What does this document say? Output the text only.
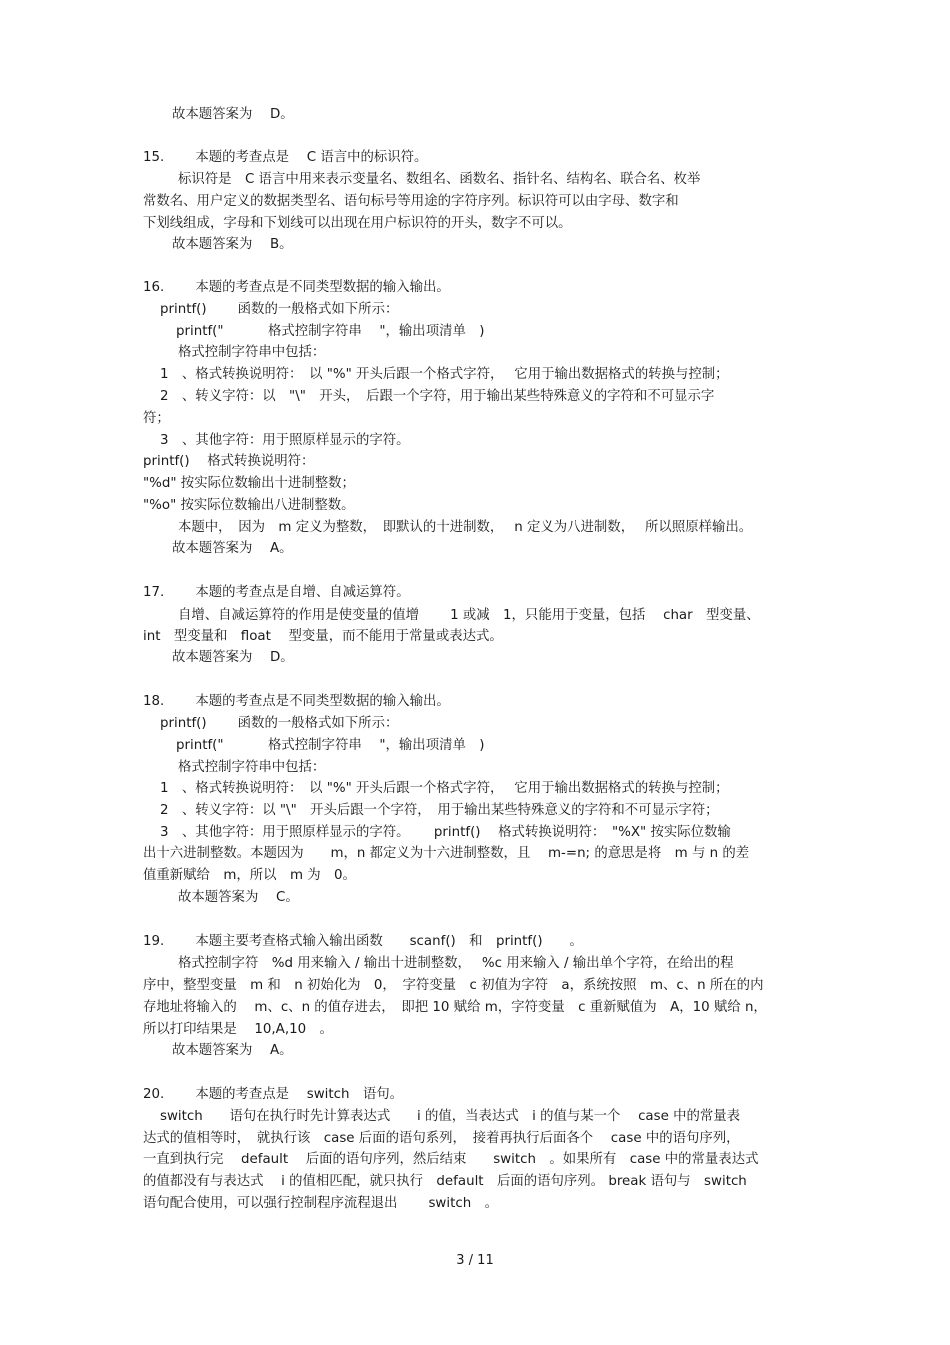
故本题答案为　 D。
15.　　 本题的考查点是　 C 语言中的标识符。
标识符是　C 语言中用来表示变量名、数组名、函数名、指针名、结构名、联合名、枚举
常数名、用户定义的数据类型名、语句标号等用途的字符序列。标识符可以由字母、数字和
下划线组成，字母和下划线可以出现在用户标识符的开头，数字不可以。
故本题答案为　 B。
16.　　 本题的考查点是不同类型数据的输入输出。
printf()　　 函数的一般格式如下所示：
printf("　　　 格式控制字符串　 "，输出项清单　)
格式控制字符串中包括：
1　、格式转换说明符：　以 "%" 开头后跟一个格式字符，　 它用于输出数据格式的转换与控制；
2　、转义字符：以　"\"　开头，　后跟一个字符，用于输出某些特殊意义的字符和不可显示字
符；
3　、其他字符：用于照原样显示的字符。
printf()　 格式转换说明符：
"%d" 按实际位数输出十进制整数；
"%o" 按实际位数输出八进制整数。
本题中，　因为　m 定义为整数，　即默认的十进制数，　 n 定义为八进制数，　 所以照原样输出。
故本题答案为　 A。
17.　　 本题的考查点是自增、自减运算符。
自增、自减运算符的作用是使变量的值增　　 1 或减　1，只能用于变量，包括　 char　型变量、
int　型变量和　float　 型变量，而不能用于常量或表达式。
故本题答案为　 D。
18.　　 本题的考查点是不同类型数据的输入输出。
printf()　　 函数的一般格式如下所示：
printf("　　　 格式控制字符串　 "，输出项清单　)
格式控制字符串中包括：
1　、格式转换说明符：　以 "%" 开头后跟一个格式字符，　 它用于输出数据格式的转换与控制；
2　、转义字符：以 "\"　开头后跟一个字符，　用于输出某些特殊意义的字符和不可显示字符；
3　、其他字符：用于照原样显示的字符。　　 printf()　 格式转换说明符：　"%X" 按实际位数输
出十六进制整数。本题因为　　m，n 都定义为十六进制整数，且　 m-=n; 的意思是将　m 与 n 的差
值重新赋给　m，所以　m 为　0。
故本题答案为　 C。
19.　　 本题主要考查格式输入输出函数　　scanf()　和　printf()　　。
格式控制字符　%d 用来输入 / 输出十进制整数，　 %c 用来输入 / 输出单个字符，在给出的程
序中，整型变量　m 和　n 初始化为　0，　字符变量　c 初值为字符　a，系统按照　m、c、n 所在的内
存地址将输入的　 m、c、n 的值存进去，　即把 10 赋给 m，字符变量　c 重新赋值为　A，10 赋给 n，
所以打印结果是　 10,A,10　。
故本题答案为　 A。
20.　　 本题的考查点是　 switch　语句。
switch　　语句在执行时先计算表达式　　i 的值，当表达式　i 的值与某一个　 case 中的常量表
达式的值相等时，　就执行该　case 后面的语句系列，　接着再执行后面各个　 case 中的语句序列，
一直到执行完　 default　 后面的语句序列，然后结束　　switch　。如果所有　case 中的常量表达式
的值都没有与表达式　 i 的值相匹配，就只执行　default　后面的语句序列。 break 语句与　switch
语句配合使用，可以强行控制程序流程退出　　 switch　。
3 / 11
